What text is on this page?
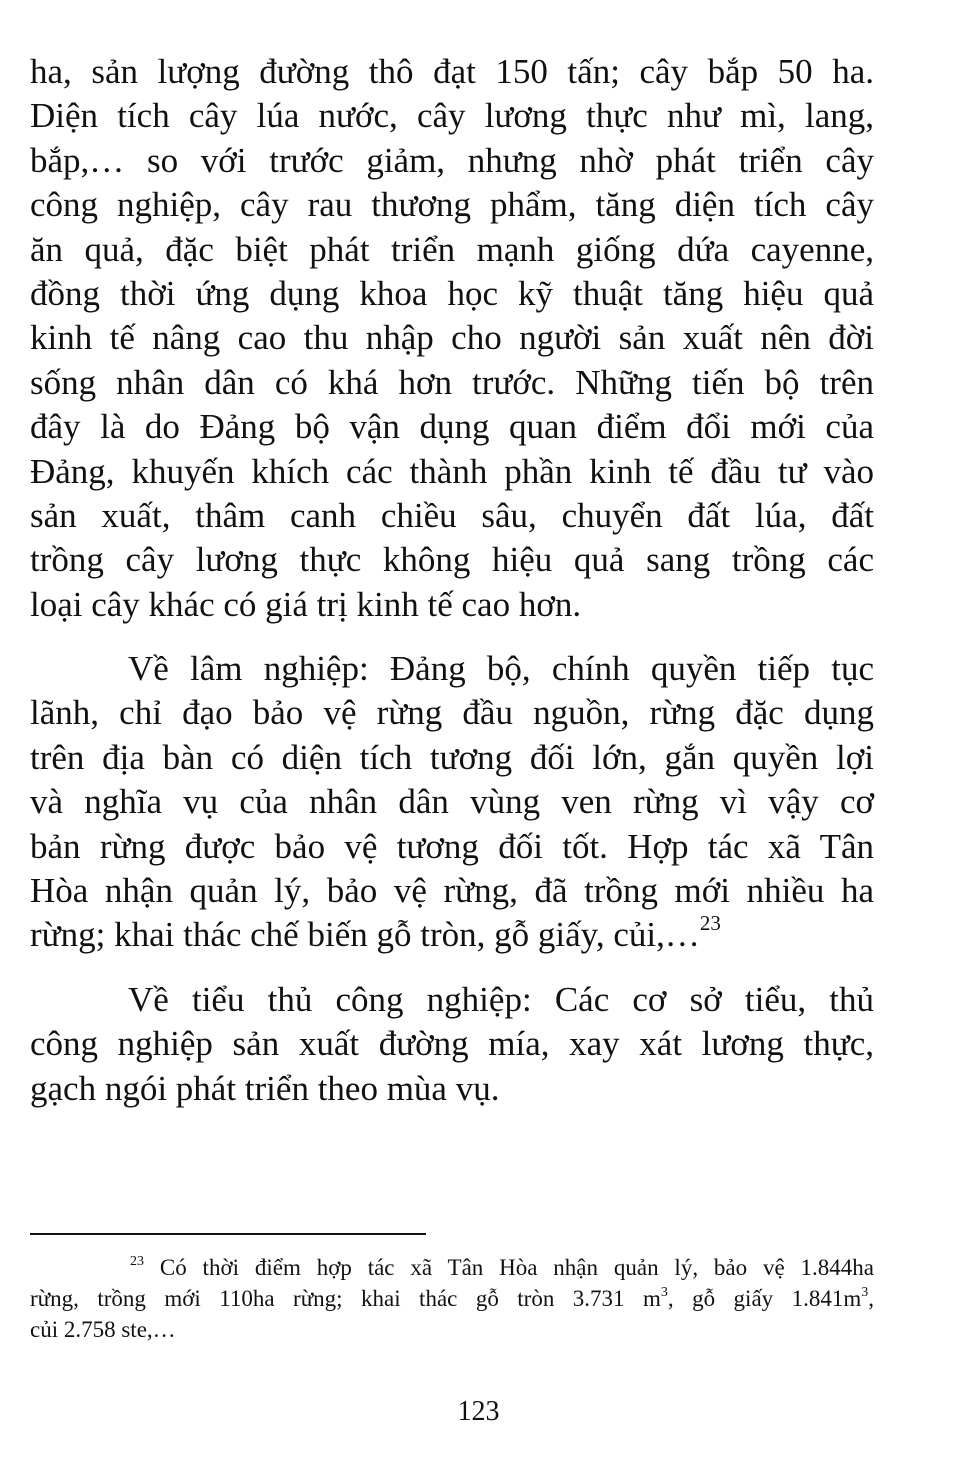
ha, sản lượng đường thô đạt 150 tấn; cây bắp 50 ha.
Diện tích cây lúa nước, cây lương thực như mì, lang,
bắp,… so với trước giảm, nhưng nhờ phát triển cây
công nghiệp, cây rau thương phẩm, tăng diện tích cây
ăn quả, đặc biệt phát triển mạnh giống dứa cayenne,
đồng thời ứng dụng khoa học kỹ thuật tăng hiệu quả
kinh tế nâng cao thu nhập cho người sản xuất nên đời
sống nhân dân có khá hơn trước. Những tiến bộ trên
đây là do Đảng bộ vận dụng quan điểm đổi mới của
Đảng, khuyến khích các thành phần kinh tế đầu tư vào
sản xuất, thâm canh chiều sâu, chuyển đất lúa, đất
trồng cây lương thực không hiệu quả sang trồng các
loại cây khác có giá trị kinh tế cao hơn.

Về lâm nghiệp: Đảng bộ, chính quyền tiếp tục
lãnh, chỉ đạo bảo vệ rừng đầu nguồn, rừng đặc dụng
trên địa bàn có diện tích tương đối lớn, gắn quyền lợi
và nghĩa vụ của nhân dân vùng ven rừng vì vậy cơ
bản rừng được bảo vệ tương đối tốt. Hợp tác xã Tân
Hòa nhận quản lý, bảo vệ rừng, đã trồng mới nhiều ha
rừng; khai thác chế biến gỗ tròn, gỗ giấy, củi,…$^{23}$

Về tiểu thủ công nghiệp: Các cơ sở tiểu, thủ
công nghiệp sản xuất đường mía, xay xát lương thực,
gạch ngói phát triển theo mùa vụ.

$^{23}$ Có thời điểm hợp tác xã Tân Hòa nhận quản lý, bảo vệ 1.844ha
rừng, trồng mới 110ha rừng; khai thác gỗ tròn 3.731 $m^3$, gỗ giấy $1.841m^3$,
củi 2.758 ste,…
123
